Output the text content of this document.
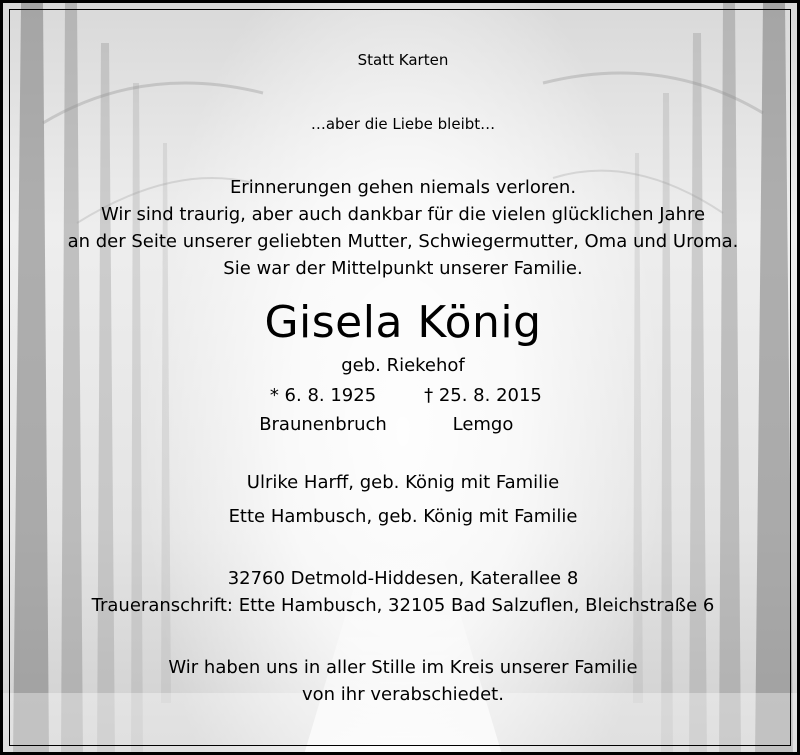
Statt Karten
…aber die Liebe bleibt…
Erinnerungen gehen niemals verloren.
Wir sind traurig, aber auch dankbar für die vielen glücklichen Jahre
an der Seite unserer geliebten Mutter, Schwiegermutter, Oma und Uroma.
Sie war der Mittelpunkt unserer Familie.
Gisela König
geb. Riekehof
* 6. 8. 1925
Braunenbruch
† 25. 8. 2015
Lemgo
Ulrike Harff, geb. König mit Familie
Ette Hambusch, geb. König mit Familie
32760 Detmold-Hiddesen, Katerallee 8
Traueranschrift: Ette Hambusch, 32105 Bad Salzuflen, Bleichstraße 6
Wir haben uns in aller Stille im Kreis unserer Familie
von ihr verabschiedet.
